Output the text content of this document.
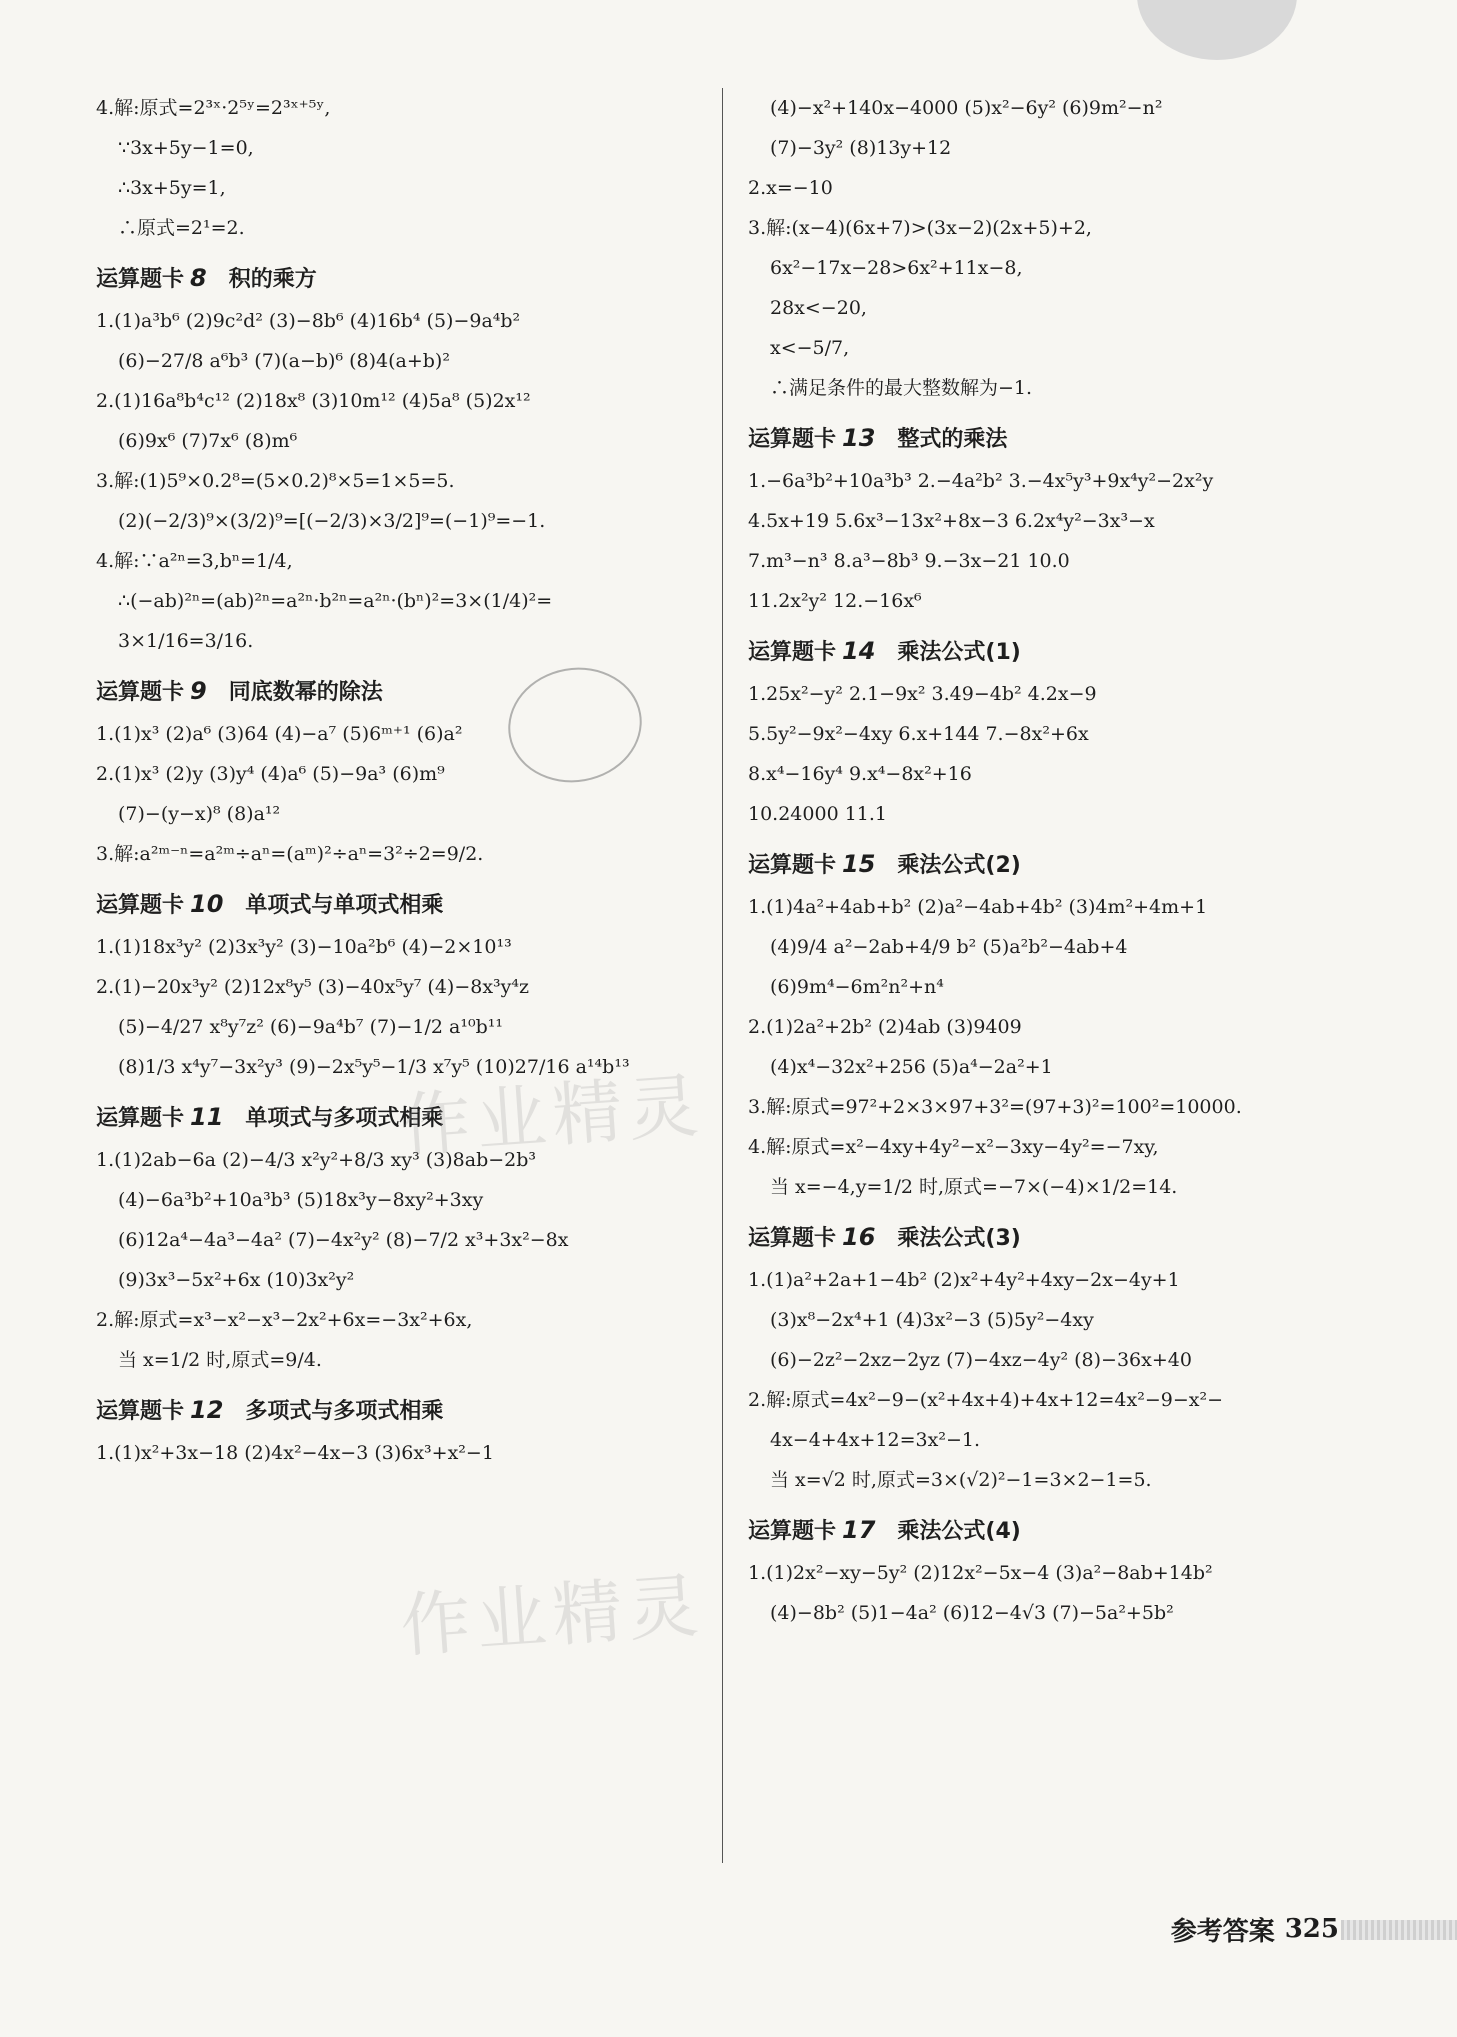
4.解:原式=2³ˣ·2⁵ʸ=2³ˣ⁺⁵ʸ,

∵3x+5y−1=0,

∴3x+5y=1,

∴原式=2¹=2.

运算题卡 8 积的乘方

1.(1)a³b⁶ (2)9c²d² (3)−8b⁶ (4)16b⁴ (5)−9a⁴b²

(6)−27/8 a⁶b³ (7)(a−b)⁶ (8)4(a+b)²

2.(1)16a⁸b⁴c¹² (2)18x⁸ (3)10m¹² (4)5a⁸ (5)2x¹²

(6)9x⁶ (7)7x⁶ (8)m⁶

3.解:(1)5⁹×0.2⁸=(5×0.2)⁸×5=1×5=5.

(2)(−2/3)⁹×(3/2)⁹=[(−2/3)×3/2]⁹=(−1)⁹=−1.

4.解:∵a²ⁿ=3,bⁿ=1/4,

∴(−ab)²ⁿ=(ab)²ⁿ=a²ⁿ·b²ⁿ=a²ⁿ·(bⁿ)²=3×(1/4)²=

3×1/16=3/16.

运算题卡 9 同底数幂的除法

1.(1)x³ (2)a⁶ (3)64 (4)−a⁷ (5)6ᵐ⁺¹ (6)a²

2.(1)x³ (2)y (3)y⁴ (4)a⁶ (5)−9a³ (6)m⁹

(7)−(y−x)⁸ (8)a¹²

3.解:a²ᵐ⁻ⁿ=a²ᵐ÷aⁿ=(aᵐ)²÷aⁿ=3²÷2=9/2.

运算题卡 10 单项式与单项式相乘

1.(1)18x³y² (2)3x³y² (3)−10a²b⁶ (4)−2×10¹³

2.(1)−20x³y² (2)12x⁸y⁵ (3)−40x⁵y⁷ (4)−8x³y⁴z

(5)−4/27 x⁸y⁷z² (6)−9a⁴b⁷ (7)−1/2 a¹⁰b¹¹

(8)1/3 x⁴y⁷−3x²y³ (9)−2x⁵y⁵−1/3 x⁷y⁵ (10)27/16 a¹⁴b¹³

运算题卡 11 单项式与多项式相乘

1.(1)2ab−6a (2)−4/3 x²y²+8/3 xy³ (3)8ab−2b³

(4)−6a³b²+10a³b³ (5)18x³y−8xy²+3xy

(6)12a⁴−4a³−4a² (7)−4x²y² (8)−7/2 x³+3x²−8x

(9)3x³−5x²+6x (10)3x²y²

2.解:原式=x³−x²−x³−2x²+6x=−3x²+6x,

当 x=1/2 时,原式=9/4.

运算题卡 12 多项式与多项式相乘

1.(1)x²+3x−18 (2)4x²−4x−3 (3)6x³+x²−1

(4)−x²+140x−4000 (5)x²−6y² (6)9m²−n²

(7)−3y² (8)13y+12

2.x=−10

3.解:(x−4)(6x+7)>(3x−2)(2x+5)+2,

6x²−17x−28>6x²+11x−8,

28x<−20,

x<−5/7,

∴满足条件的最大整数解为−1.

运算题卡 13 整式的乘法

1.−6a³b²+10a³b³ 2.−4a²b² 3.−4x⁵y³+9x⁴y²−2x²y

4.5x+19 5.6x³−13x²+8x−3 6.2x⁴y²−3x³−x

7.m³−n³ 8.a³−8b³ 9.−3x−21 10.0

11.2x²y² 12.−16x⁶

运算题卡 14 乘法公式(1)

1.25x²−y² 2.1−9x² 3.49−4b² 4.2x−9

5.5y²−9x²−4xy 6.x+144 7.−8x²+6x

8.x⁴−16y⁴ 9.x⁴−8x²+16

10.24000 11.1

运算题卡 15 乘法公式(2)

1.(1)4a²+4ab+b² (2)a²−4ab+4b² (3)4m²+4m+1

(4)9/4 a²−2ab+4/9 b² (5)a²b²−4ab+4

(6)9m⁴−6m²n²+n⁴

2.(1)2a²+2b² (2)4ab (3)9409

(4)x⁴−32x²+256 (5)a⁴−2a²+1

3.解:原式=97²+2×3×97+3²=(97+3)²=100²=10000.

4.解:原式=x²−4xy+4y²−x²−3xy−4y²=−7xy,

当 x=−4,y=1/2 时,原式=−7×(−4)×1/2=14.

运算题卡 16 乘法公式(3)

1.(1)a²+2a+1−4b² (2)x²+4y²+4xy−2x−4y+1

(3)x⁸−2x⁴+1 (4)3x²−3 (5)5y²−4xy

(6)−2z²−2xz−2yz (7)−4xz−4y² (8)−36x+40

2.解:原式=4x²−9−(x²+4x+4)+4x+12=4x²−9−x²−

4x−4+4x+12=3x²−1.

当 x=√2 时,原式=3×(√2)²−1=3×2−1=5.

运算题卡 17 乘法公式(4)

1.(1)2x²−xy−5y² (2)12x²−5x−4 (3)a²−8ab+14b²

(4)−8b² (5)1−4a² (6)12−4√3 (7)−5a²+5b²

作业精灵
作业精灵
参考答案 325
